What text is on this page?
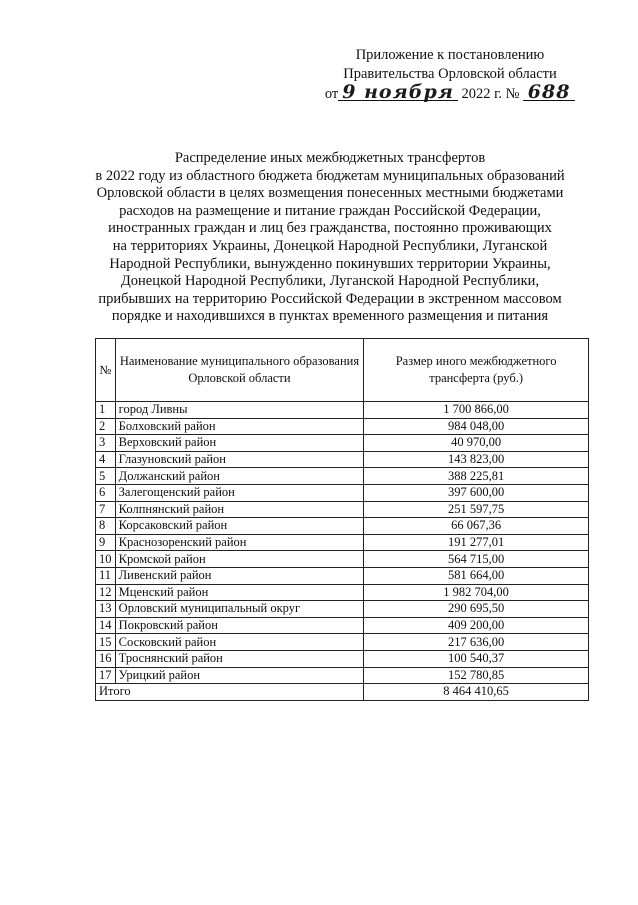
Приложение к постановлению
Правительства Орловской области
от 9 ноября 2022 г. № 688
Распределение иных межбюджетных трансфертов
в 2022 году из областного бюджета бюджетам муниципальных образований
Орловской области в целях возмещения понесенных местными бюджетами
расходов на размещение и питание граждан Российской Федерации,
иностранных граждан и лиц без гражданства, постоянно проживающих
на территориях Украины, Донецкой Народной Республики, Луганской
Народной Республики, вынужденно покинувших территории Украины,
Донецкой Народной Республики, Луганской Народной Республики,
прибывших на территорию Российской Федерации в экстренном массовом
порядке и находившихся в пунктах временного размещения и питания
№	Наименование муниципального образования Орловской области	Размер иного межбюджетного трансферта (руб.)
1	город Ливны	1 700 866,00
2	Болховский район	984 048,00
3	Верховский район	40 970,00
4	Глазуновский район	143 823,00
5	Должанский район	388 225,81
6	Залегощенский район	397 600,00
7	Колпнянский район	251 597,75
8	Корсаковский район	66 067,36
9	Краснозоренский район	191 277,01
10	Кромской район	564 715,00
11	Ливенский район	581 664,00
12	Мценский район	1 982 704,00
13	Орловский муниципальный округ	290 695,50
14	Покровский район	409 200,00
15	Сосковский район	217 636,00
16	Троснянский район	100 540,37
17	Урицкий район	152 780,85
Итого		8 464 410,65
